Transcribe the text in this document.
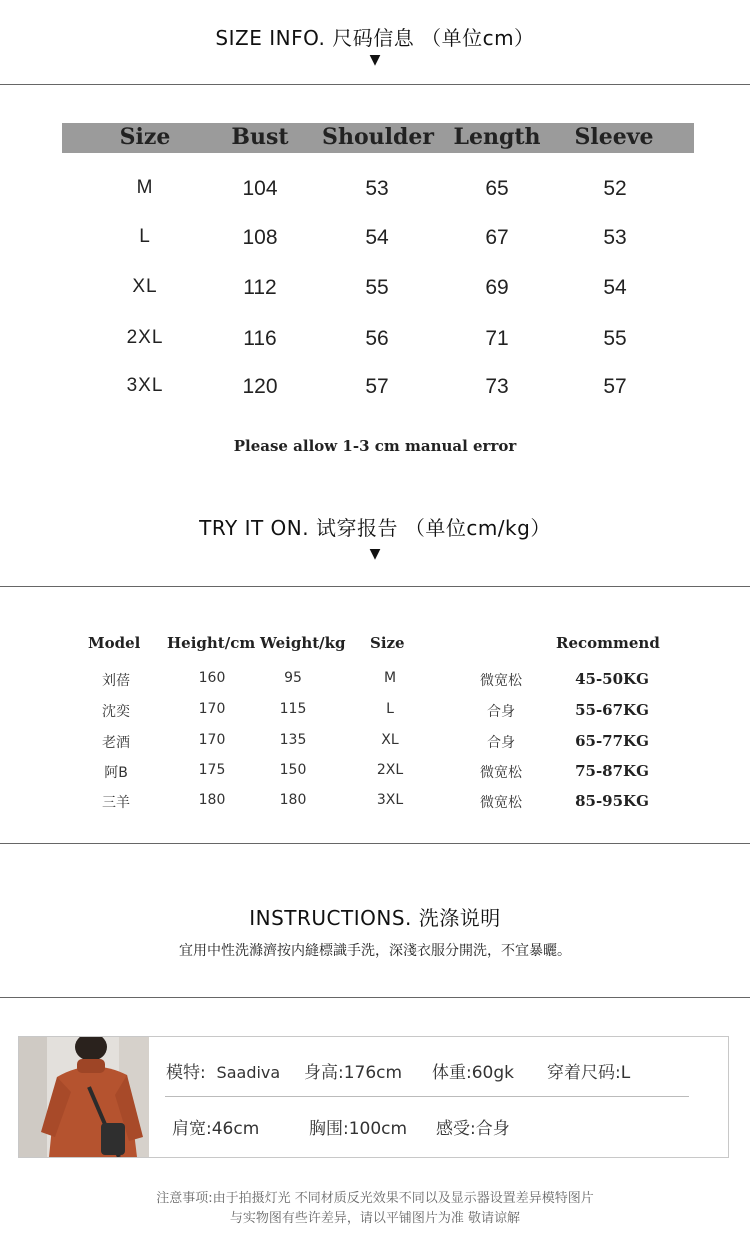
SIZE INFO. 尺码信息 （单位cm）
▼
Size	Bust Shoulder Length Sleeve
M	104	53	65	52
L	108	54	67	53
XL	112	55	69	54
2XL	116	56	71	55
3XL	120	57	73	57
Please allow 1-3 cm manual error
TRY IT ON. 试穿报告 （单位cm/kg）
▼
Model Height/cm Weight/kg Size	Recommend
刘蓓	160	95	M	微宽松	45-50KG
沈奕	170	115	L	合身	55-67KG
老酒	170	135	XL	合身	65-77KG
阿B	175	150	2XL	微宽松	75-87KG
三羊	180	180	3XL	微宽松	85-95KG
INSTRUCTIONS. 洗涤说明
宜用中性洗滌濟按内縫標識手洗，深淺衣服分開洗，不宜暴曬。
模特: Saadiva 身高:176cm 体重:60gk 穿着尺码:L
肩宽:46cm	胸围:100cm 感受:合身
注意事项:由于拍摄灯光 不同材质反光效果不同以及显示器设置差异模特图片
与实物图有些许差异，请以平铺图片为准 敬请谅解
